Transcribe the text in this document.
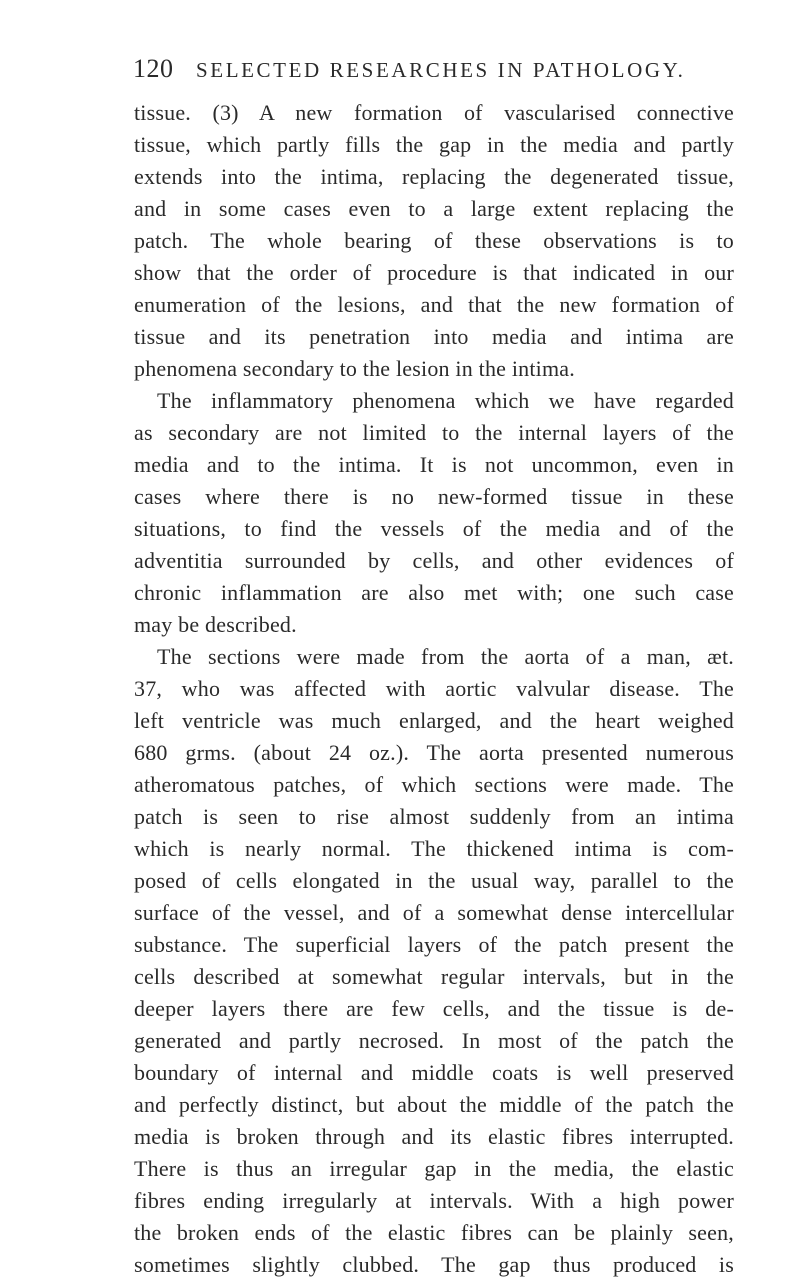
120 SELECTED RESEARCHES IN PATHOLOGY.
tissue. (3) A new formation of vascularised connective
tissue, which partly fills the gap in the media and partly
extends into the intima, replacing the degenerated tissue,
and in some cases even to a large extent replacing the
patch. The whole bearing of these observations is to
show that the order of procedure is that indicated in our
enumeration of the lesions, and that the new formation of
tissue and its penetration into media and intima are
phenomena secondary to the lesion in the intima.
The inflammatory phenomena which we have regarded
as secondary are not limited to the internal layers of the
media and to the intima. It is not uncommon, even in
cases where there is no new-formed tissue in these
situations, to find the vessels of the media and of the
adventitia surrounded by cells, and other evidences of
chronic inflammation are also met with; one such case
may be described.
The sections were made from the aorta of a man, æt.
37, who was affected with aortic valvular disease. The
left ventricle was much enlarged, and the heart weighed
680 grms. (about 24 oz.). The aorta presented numerous
atheromatous patches, of which sections were made. The
patch is seen to rise almost suddenly from an intima
which is nearly normal. The thickened intima is com-
posed of cells elongated in the usual way, parallel to the
surface of the vessel, and of a somewhat dense intercellular
substance. The superficial layers of the patch present the
cells described at somewhat regular intervals, but in the
deeper layers there are few cells, and the tissue is de-
generated and partly necrosed. In most of the patch the
boundary of internal and middle coats is well preserved
and perfectly distinct, but about the middle of the patch the
media is broken through and its elastic fibres interrupted.
There is thus an irregular gap in the media, the elastic
fibres ending irregularly at intervals. With a high power
the broken ends of the elastic fibres can be plainly seen,
sometimes slightly clubbed. The gap thus produced is
